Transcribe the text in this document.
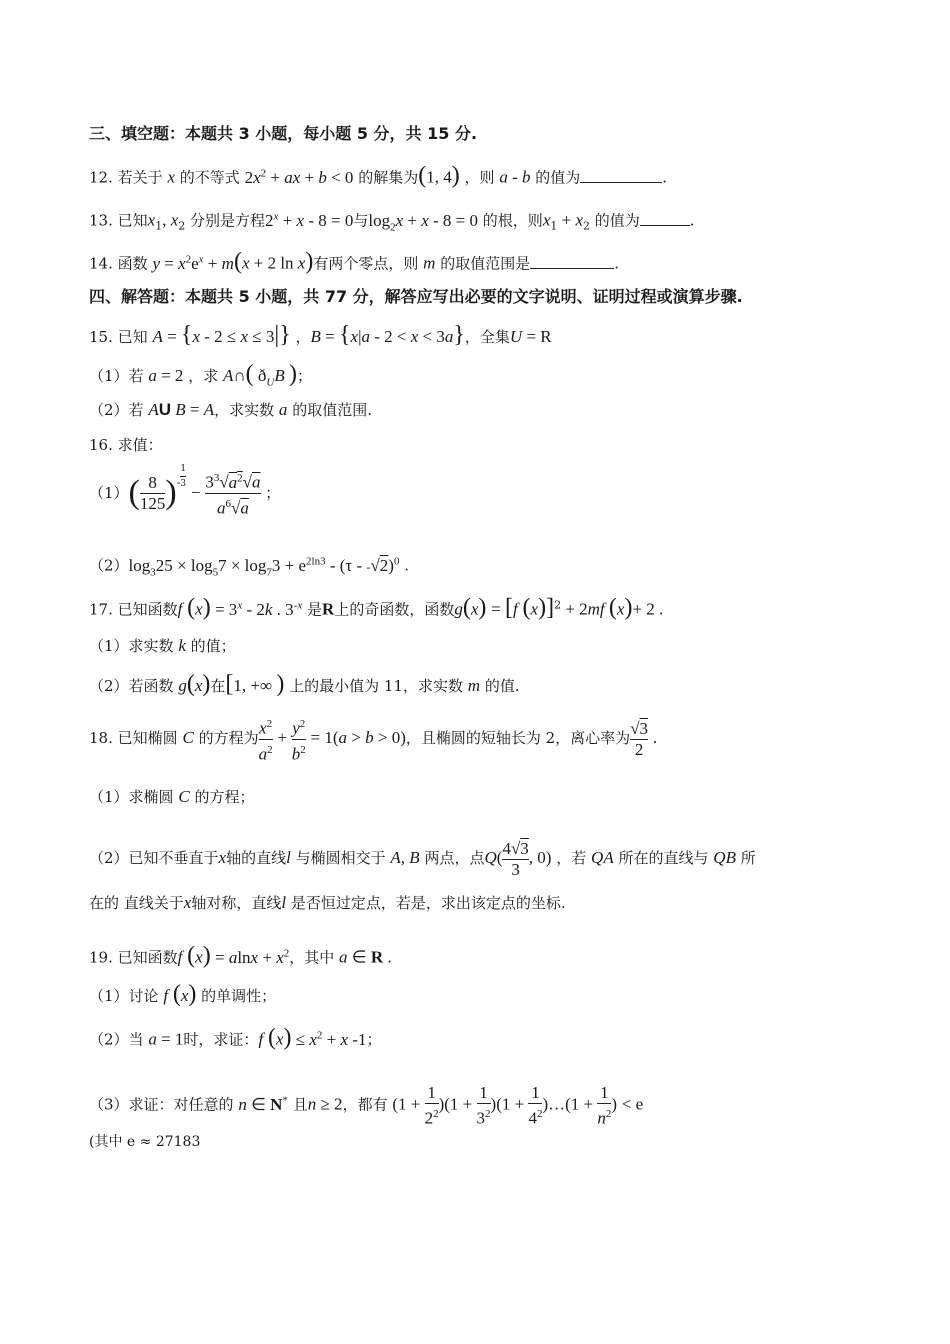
三、填空题：本题共 3 小题，每小题 5 分，共 15 分.
12. 若关于 x 的不等式 $2x^2$ + ax + b < 0 的解集为(1, 4) ，则 a - b 的值为	.
13. 已知$x_1$, $x_2$ 分别是方程$2^x + x - 8 = 0$与$\log_2x + x - 8 = 0$ 的根，则$x_1 + x_2$ 的值为	.
14. 函数 $y = x^2e^x + m(x + 2$ ln x)有两个零点，则 m 的取值范围是	.
四、解答题：本题共 5 小题，共 77 分，解答应写出必要的文字说明、证明过程或演算步骤.
15. 已知 A = {x - 2 ≤ x ≤ 3|} ，B = {x|a - 2 < x < 3a}，全集U = R
（1）若 a = 2 ，求 A∩( $ð_UB$ )；
（2）若 AU B = A，求实数 a 的取值范围.
16. 求值：
$(1)( \frac{8}{125} )^{- \frac{1}{3}}$
− $\frac{3^3√a^2√a}{a^6√a}$ ；
$(2)\log_325 \times \log_57 \times \log_73 + e^{2ln3} - (\tau - -√2)^0$ .
17. 已知函数f $(x) = 3^x - 2k$ . $3^{-x}$ 是R上的奇函数，函数g(x) = [f (x)]$^2$ + 2mf (x)+ 2 .
（1）求实数 k 的值；
（2）若函数 g(x)在[1, +∞ ) 上的最小值为 11，求实数 m 的值.
18. 已知椭圆 C 的方程为 $\frac{x^2}{a^2} + \frac{y^2}{b^2} = 1(a > b > 0)$，且椭圆的短轴长为 2，离心率为 $\frac{√3}{2}$ .
（1）求椭圆 C 的方程；
（2）已知不垂直于x轴的直线l 与椭圆相交于 A, B 两点，点$Q( \frac{4√3}{3}$ , 0) ，若 QA 所在的直线与 QB 所
在的 直线关于x轴对称，直线l 是否恒过定点，若是，求出该定点的坐标.
19. 已知函数f $(x) = alnx + x^2$，其中 a ∈ R .
（1）讨论 f (x) 的单调性；
（2）当 a = 1时，求证：f $(x) \le x^2 + x$ -1；
（3）求证：对任意的 n ∈ N* 且n ≥ 2，都有 $(1 + \frac{1}{2^2} )(1 + \frac{1}{3^2} )(1 + \frac{1}{4^2}$ )…(1 + $\frac{1}{n^2}$ ) < e
(其中 e ≈ 27183
